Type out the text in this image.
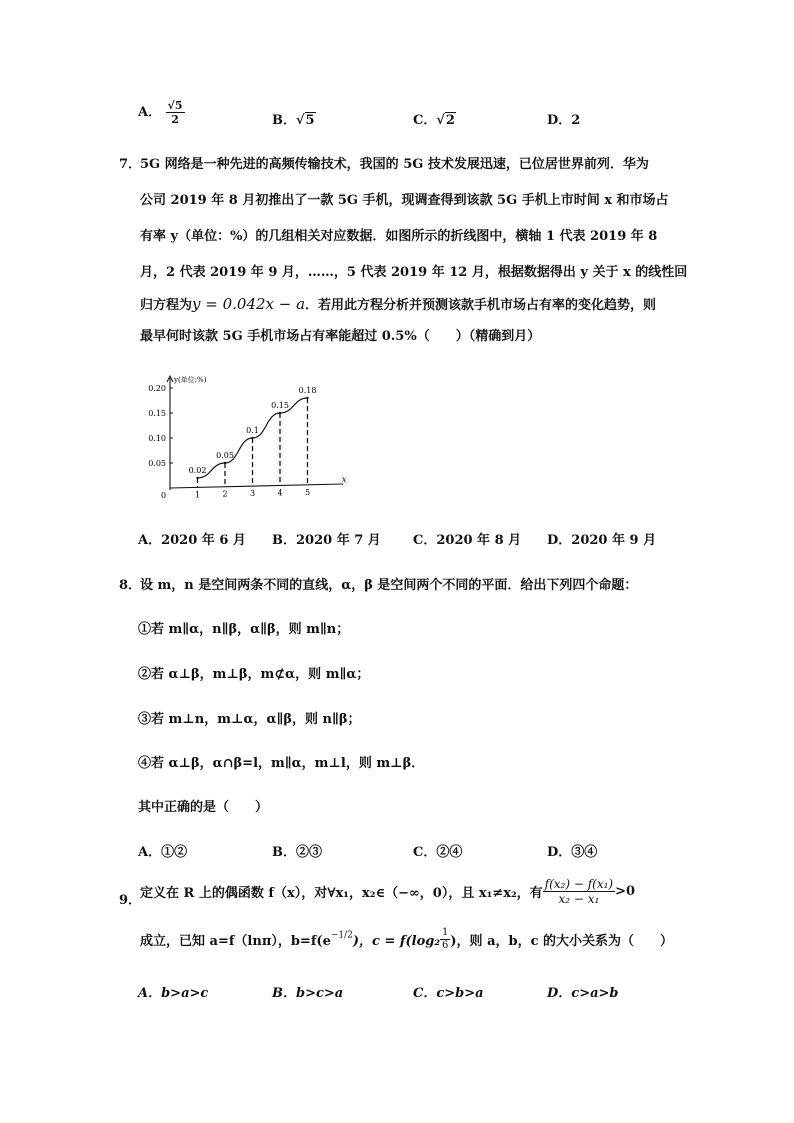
A． $\frac{√5}{2}$	B．√5	C．√2	D．2
7．
5G 网络是一种先进的高频传输技术，我国的 5G 技术发展迅速，已位居世界前列．华为
公司 2019 年 8 月初推出了一款 5G 手机，现调查得到该款 5G 手机上市时间 x 和市场占
有率 y（单位：%）的几组相关对应数据．如图所示的折线图中，横轴 1 代表 2019 年 8
月，2 代表 2019 年 9 月，……，5 代表 2019 年 12 月，根据数据得出 y 关于 x 的线性回
归方程为y = 0.042x − a．若用此方程分析并预测该款手机市场占有率的变化趋势，则
最早何时该款 5G 手机市场占有率能超过 0.5%（　　）（精确到月）
y(单位:%)
x
0
0.05
0.10
0.15
0.20
1
0.02
2
0.05
3
0.1
4
0.15
5
0.18
A．2020 年 6 月 B．2020 年 7 月 C．2020 年 8 月 D．2020 年 9 月
8．
设 m，n 是空间两条不同的直线，α，β 是空间两个不同的平面．给出下列四个命题：
①若 m∥α，n∥β，α∥β，则 m∥n；
②若 α⊥β，m⊥β，m⊄α，则 m∥α；
③若 m⊥n，m⊥α，α∥β，则 n∥β；
④若 α⊥β，α∩β=l，m∥α，m⊥l，则 m⊥β．
其中正确的是（　　）
A．①②	B．②③	C．②④	D．③④
9．
定义在 R 上的偶函数 f（x），对∀x₁，x₂∈（−∞，0），且 x₁≠x₂，有 $\frac{\text{f(x₂) − f(x₁)}}{\text{x₂ − x₁}} >0$
成立，已知 a=f（lnπ），$b=f(e^{-1/2})$，$c = f(\log_2 \frac{1}{6}$ )，则 a，b，c 的大小关系为（　　）
A．b>a>c	B．b>c>a	C．c>b>a	D．c>a>b
